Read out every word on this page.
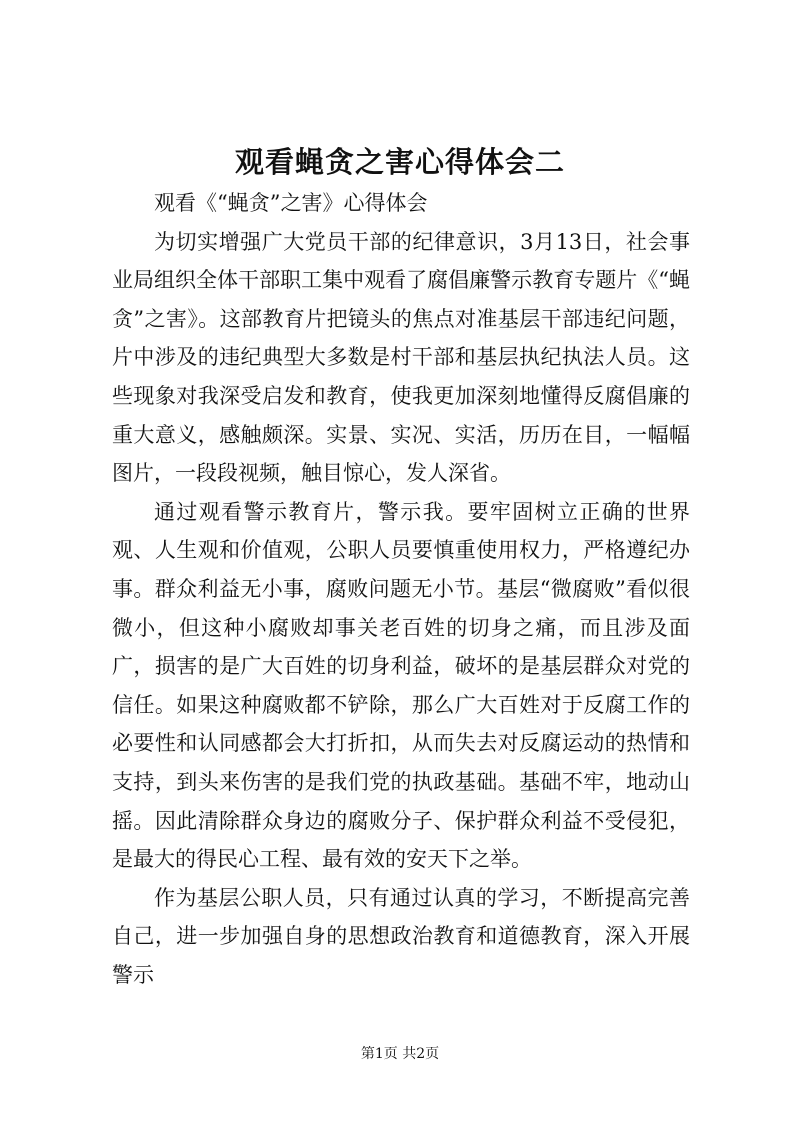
观看蝇贪之害心得体会二

观看《“蝇贪”之害》心得体会

为切实增强广大党员干部的纪律意识，3月13日，社会事业局组织全体干部职工集中观看了腐倡廉警示教育专题片《“蝇贪”之害》。这部教育片把镜头的焦点对准基层干部违纪问题，片中涉及的违纪典型大多数是村干部和基层执纪执法人员。这些现象对我深受启发和教育，使我更加深刻地懂得反腐倡廉的重大意义，感触颇深。实景、实况、实活，历历在目，一幅幅图片，一段段视频，触目惊心，发人深省。

通过观看警示教育片，警示我。要牢固树立正确的世界观、人生观和价值观，公职人员要慎重使用权力，严格遵纪办事。群众利益无小事，腐败问题无小节。基层“微腐败”看似很微小，但这种小腐败却事关老百姓的切身之痛，而且涉及面广，损害的是广大百姓的切身利益，破坏的是基层群众对党的信任。如果这种腐败都不铲除，那么广大百姓对于反腐工作的必要性和认同感都会大打折扣，从而失去对反腐运动的热情和支持，到头来伤害的是我们党的执政基础。基础不牢，地动山摇。因此清除群众身边的腐败分子、保护群众利益不受侵犯，是最大的得民心工程、最有效的安天下之举。

作为基层公职人员，只有通过认真的学习，不断提高完善自己，进一步加强自身的思想政治教育和道德教育，深入开展警示

第1页 共2页
